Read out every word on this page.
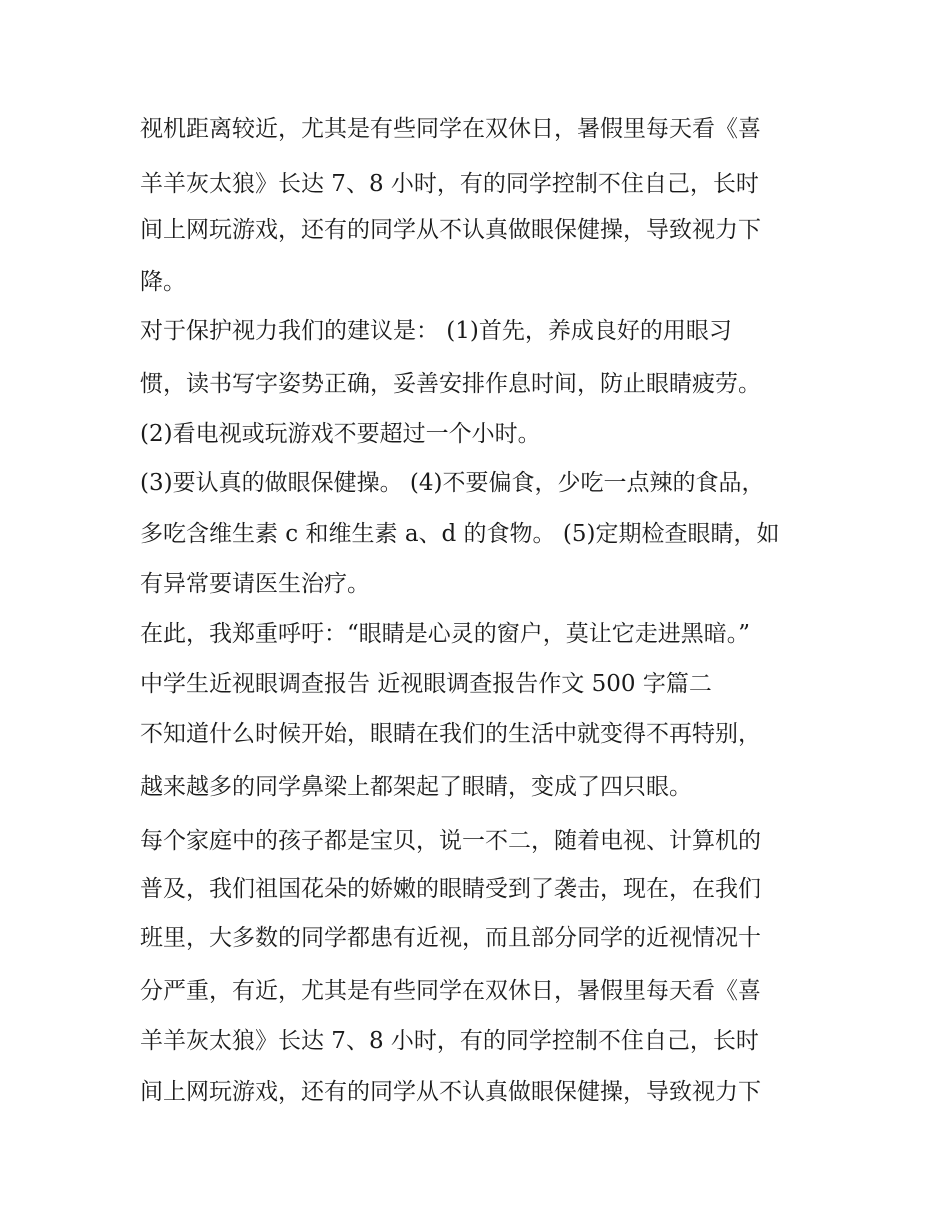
视机距离较近，尤其是有些同学在双休日，暑假里每天看《喜
羊羊灰太狼》长达 7、8 小时，有的同学控制不住自己，长时
间上网玩游戏，还有的同学从不认真做眼保健操，导致视力下
降。
对于保护视力我们的建议是： (1)首先，养成良好的用眼习
惯，读书写字姿势正确，妥善安排作息时间，防止眼睛疲劳。
(2)看电视或玩游戏不要超过一个小时。
(3)要认真的做眼保健操。 (4)不要偏食，少吃一点辣的食品，
多吃含维生素 c 和维生素 a、d 的食物。 (5)定期检查眼睛，如
有异常要请医生治疗。
在此，我郑重呼吁：“眼睛是心灵的窗户，莫让它走进黑暗。”
中学生近视眼调查报告 近视眼调查报告作文 500 字篇二
不知道什么时候开始，眼睛在我们的生活中就变得不再特别，
越来越多的同学鼻梁上都架起了眼睛，变成了四只眼。
每个家庭中的孩子都是宝贝，说一不二，随着电视、计算机的
普及，我们祖国花朵的娇嫩的眼睛受到了袭击，现在，在我们
班里，大多数的同学都患有近视，而且部分同学的近视情况十
分严重，有近，尤其是有些同学在双休日，暑假里每天看《喜
羊羊灰太狼》长达 7、8 小时，有的同学控制不住自己，长时
间上网玩游戏，还有的同学从不认真做眼保健操，导致视力下
